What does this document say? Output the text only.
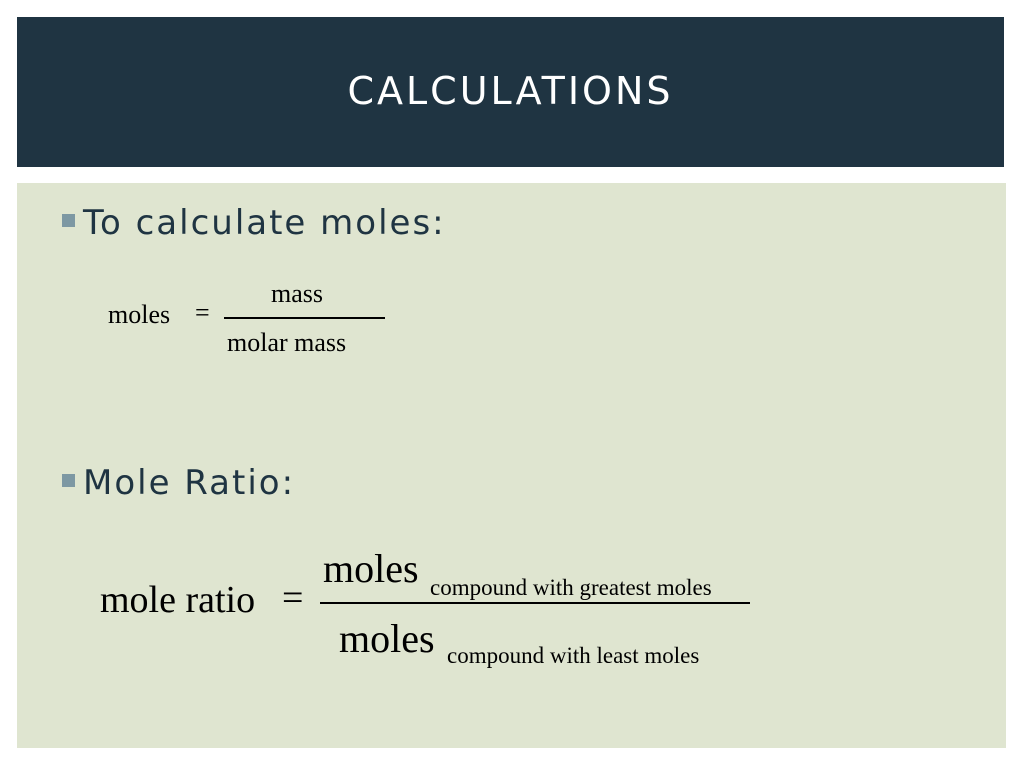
CALCULATIONS
To calculate moles:
moles =
mass
molar mass
Mole Ratio:
mole ratio =
moles compound with greatest moles
moles compound with least moles
